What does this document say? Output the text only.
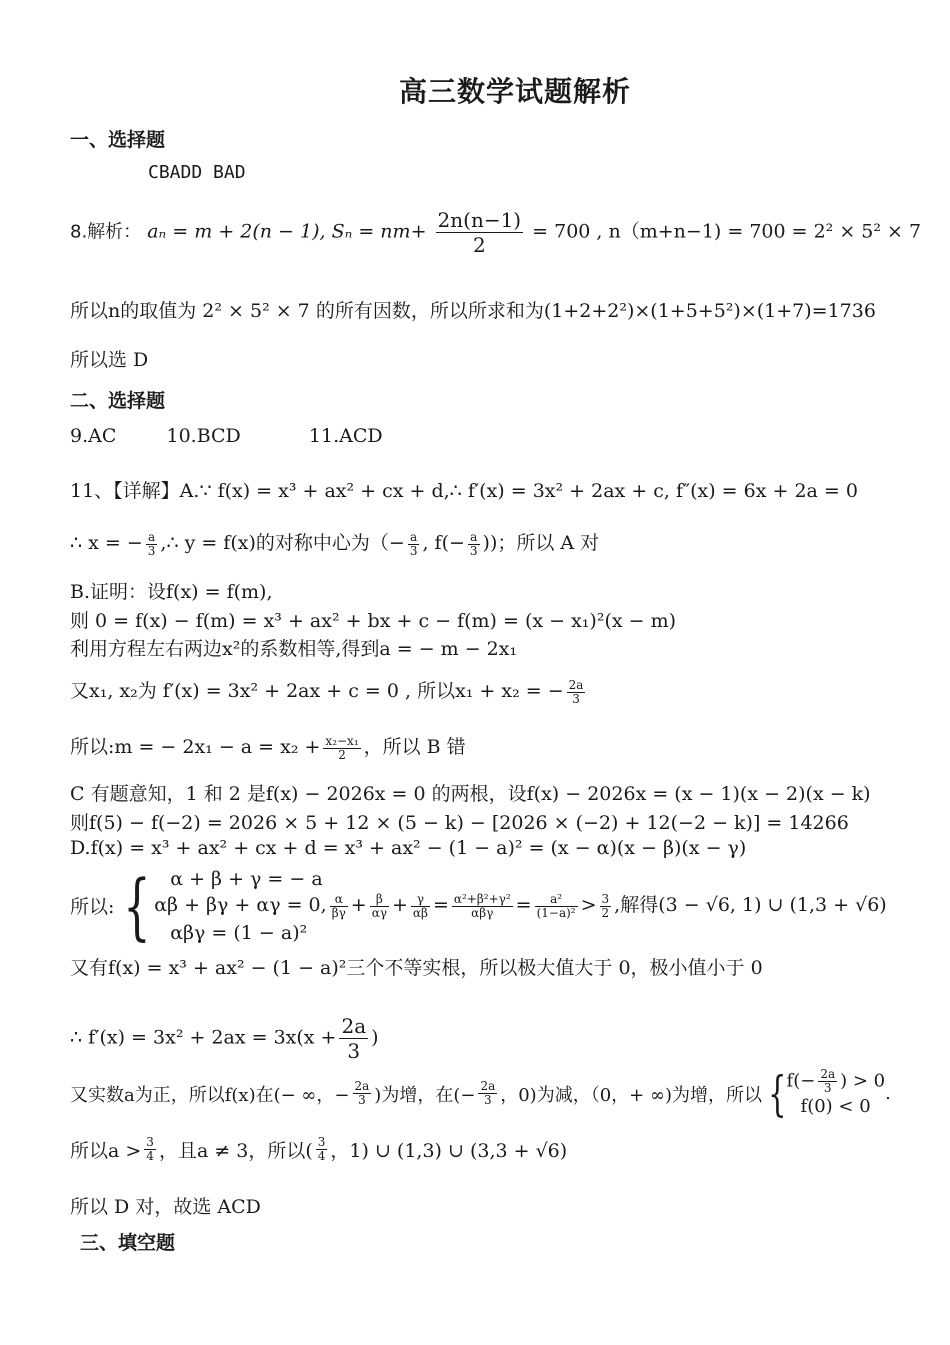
高三数学试题解析
一、选择题
CBADD BAD
8.解析： aₙ = m + 2(n − 1), $S_n = nm+ \frac{2n(n-1)}{2} = 700$ , n（m+n−1) = 700 = 2² × 5² × 7
所以n的取值为 2² × 5² × 7 的所有因数，所以所求和为(1+2+2²)×(1+5+5²)×(1+7)=1736
所以选 D
二、选择题
9.AC	10.BCD	11.ACD
11、【详解】A.∵ f(x) = x³ + ax² + cx + d,∴ f′(x) = 3x² + 2ax + c, f″(x) = 6x + 2a = 0
∴ x = − $\frac{a}{3}$ ,∴ y = f(x)的对称中心为（− $\frac{a}{3}$ , $f(- \frac{a}{3}$ ))；所以 A 对
B.证明：设f(x) = f(m),
则 0 = f(x) − f(m) = x³ + ax² + bx + c − f(m) = (x − x₁)²(x − m)
利用方程左右两边x²的系数相等,得到a = − m − 2x₁
又x₁, x₂为 f′(x) = 3x² + 2ax + c = 0 , 所以x₁ + x₂ = − $\frac{2a}{3}$
所以:m = − $2x_1 - a = x_2 + \frac{\text{x₂−x₁}}{2}$ ，所以 B 错
C 有题意知，1 和 2 是f(x) − 2026x = 0 的两根，设f(x) − 2026x = (x − 1)(x − 2)(x − k)
则f(5) − f(−2) = 2026 × 5 + 12 × (5 − k) − [2026 × (−2) + 12(−2 − k)] = 14266
D.f(x) = x³ + ax² + cx + d = x³ + ax² − (1 − a)² = (x − α)(x − β)(x − γ)
所以: {	α + β + γ = − a
αβ + βγ + αγ = 0, $\frac{\alpha}{\beta\gamma} + \frac{\beta}{\alpha\gamma} + \frac{\gamma}{\alpha\beta} = \frac{\text{α²+β²+γ²}}{\text{αβγ}} = \frac{\text{a²}}{\text{(1−a)²}} > \frac{3}{2}$ ,解得(3 − √6, 1) ∪ (1,3 + √6)
αβγ = (1 − a)²
又有f(x) = x³ + ax² − (1 − a)²三个不等实根，所以极大值大于 0，极小值小于 0
∴ $f'(x) = 3x^2 + 2ax = 3x(x + \frac{2a}{3}$ )
又实数a为正，所以f(x)在(− ∞，− $\frac{2a}{3}$ )为增，在(− $\frac{2a}{3}$ ，0)为减，（0，+ ∞)为增，所以 { $f(- \frac{2a}{3}$ ) > 0
f(0) < 0
.
所以$a > \frac{3}{4}$ ，且a ≠ 3，所以( $\frac{3}{4}$ ，1) ∪ (1,3) ∪ (3,3 + √6)
所以 D 对，故选 ACD
三、填空题
